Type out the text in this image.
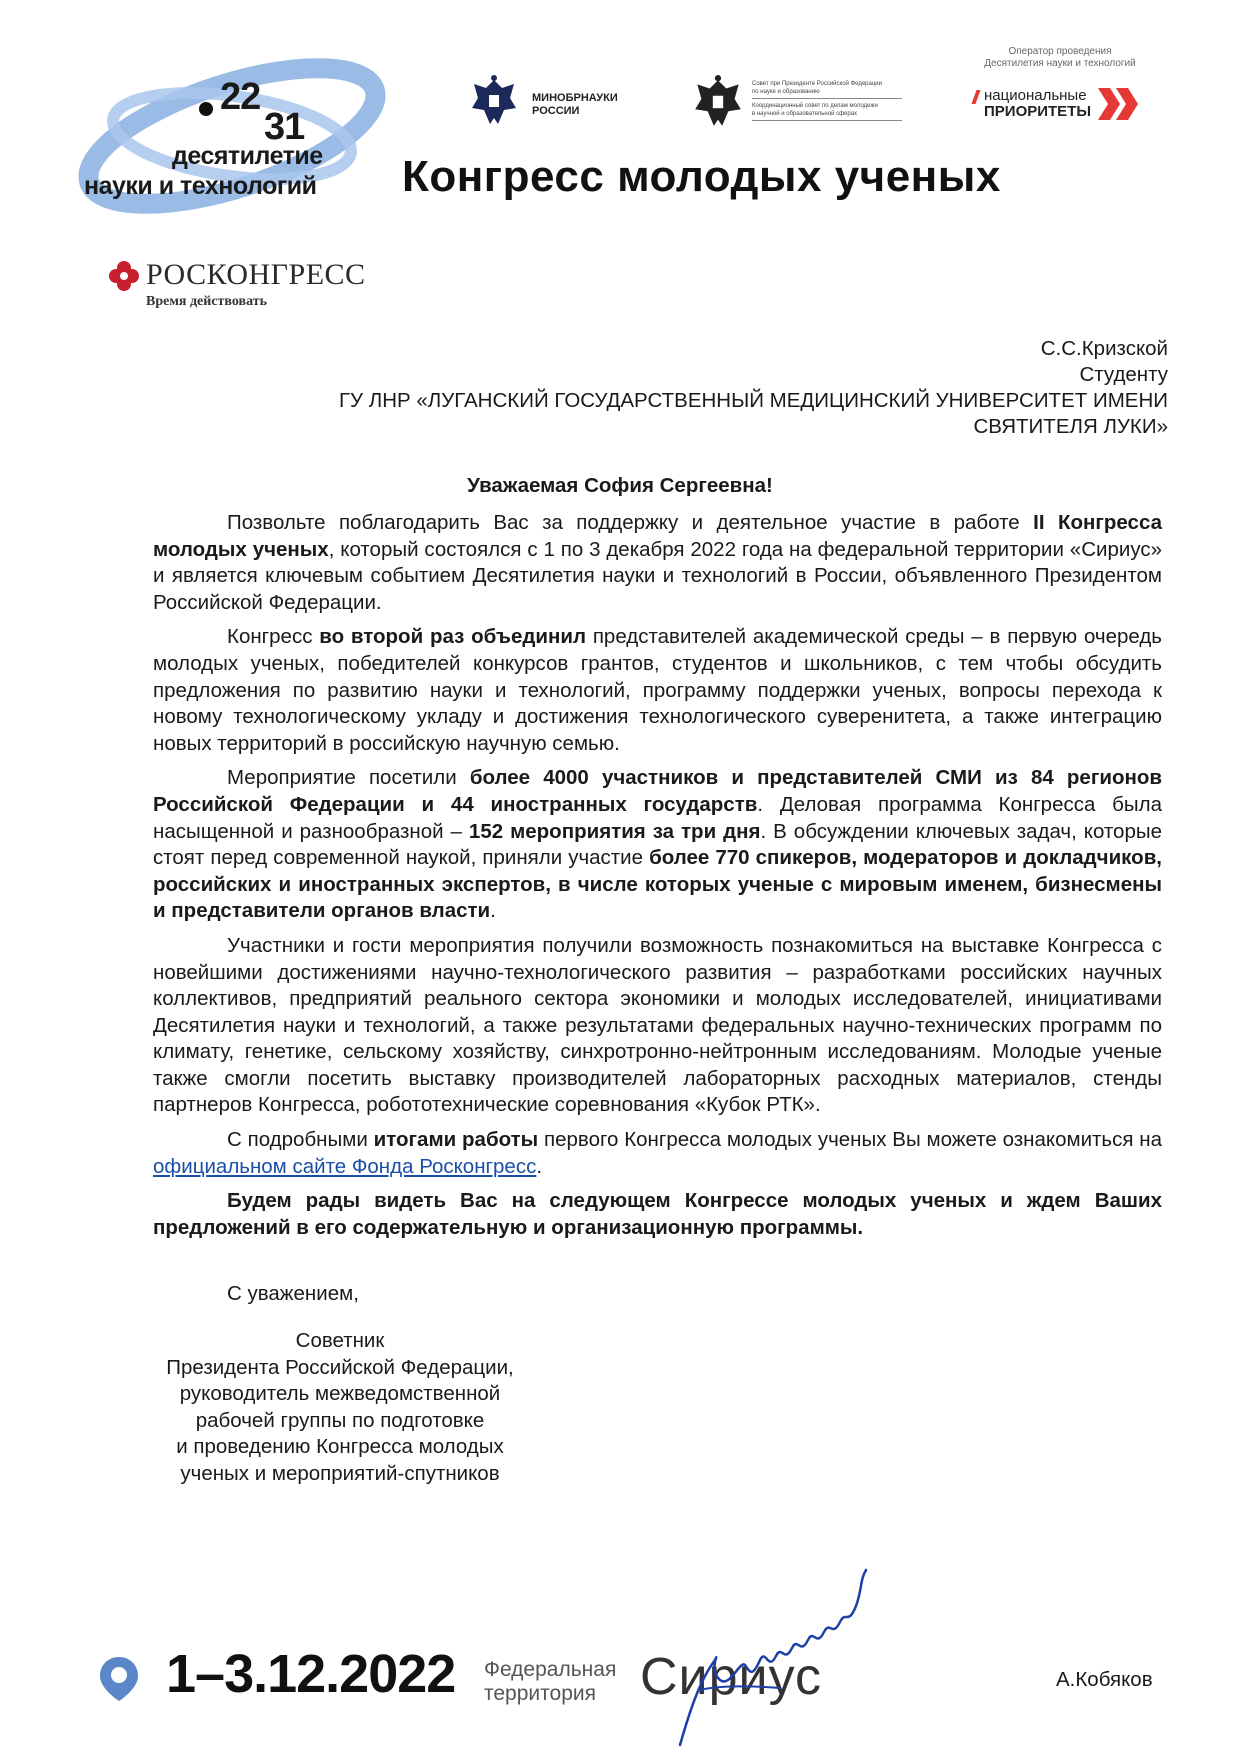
22
31
десятилетие
науки и технологий
МИНОБРНАУКИ
РОССИИ
Совет при Президенте Российской Федерации
по науке и образованию
Координационный совет по делам молодежи
в научной и образовательной сферах
Оператор проведения
Десятилетия науки и технологий
национальные
ПРИОРИТЕТЫ
Конгресс молодых ученых
РОСКОНГРЕСС
Время действовать
С.С.Кризской
Студенту
ГУ ЛНР «ЛУГАНСКИЙ ГОСУДАРСТВЕННЫЙ МЕДИЦИНСКИЙ УНИВЕРСИТЕТ ИМЕНИ
СВЯТИТЕЛЯ ЛУКИ»
Уважаемая София Сергеевна!

Позвольте поблагодарить Вас за поддержку и деятельное участие в работе II Конгресса молодых ученых, который состоялся с 1 по 3 декабря 2022 года на федеральной территории «Сириус» и является ключевым событием Десятилетия науки и технологий в России, объявленного Президентом Российской Федерации.

Конгресс во второй раз объединил представителей академической среды – в первую очередь молодых ученых, победителей конкурсов грантов, студентов и школьников, с тем чтобы обсудить предложения по развитию науки и технологий, программу поддержки ученых, вопросы перехода к новому технологическому укладу и достижения технологического суверенитета, а также интеграцию новых территорий в российскую научную семью.

Мероприятие посетили более 4000 участников и представителей СМИ из 84 регионов Российской Федерации и 44 иностранных государств. Деловая программа Конгресса была насыщенной и разнообразной – 152 мероприятия за три дня. В обсуждении ключевых задач, которые стоят перед современной наукой, приняли участие более 770 спикеров, модераторов и докладчиков, российских и иностранных экспертов, в числе которых ученые с мировым именем, бизнесмены и представители органов власти.

Участники и гости мероприятия получили возможность познакомиться на выставке Конгресса с новейшими достижениями научно-технологического развития – разработками российских научных коллективов, предприятий реального сектора экономики и молодых исследователей, инициативами Десятилетия науки и технологий, а также результатами федеральных научно-технических программ по климату, генетике, сельскому хозяйству, синхротронно-нейтронным исследованиям. Молодые ученые также смогли посетить выставку производителей лабораторных расходных материалов, стенды партнеров Конгресса, робототехнические соревнования «Кубок РТК».

С подробными итогами работы первого Конгресса молодых ученых Вы можете ознакомиться на официальном сайте Фонда Росконгресс.

Будем рады видеть Вас на следующем Конгрессе молодых ученых и ждем Ваших предложений в его содержательную и организационную программы.

С уважением,
Советник
Президента Российской Федерации,
руководитель межведомственной
рабочей группы по подготовке
и проведению Конгресса молодых
ученых и мероприятий-спутников
1–3.12.2022 Федеральная
территория Сириус	А.Кобяков
